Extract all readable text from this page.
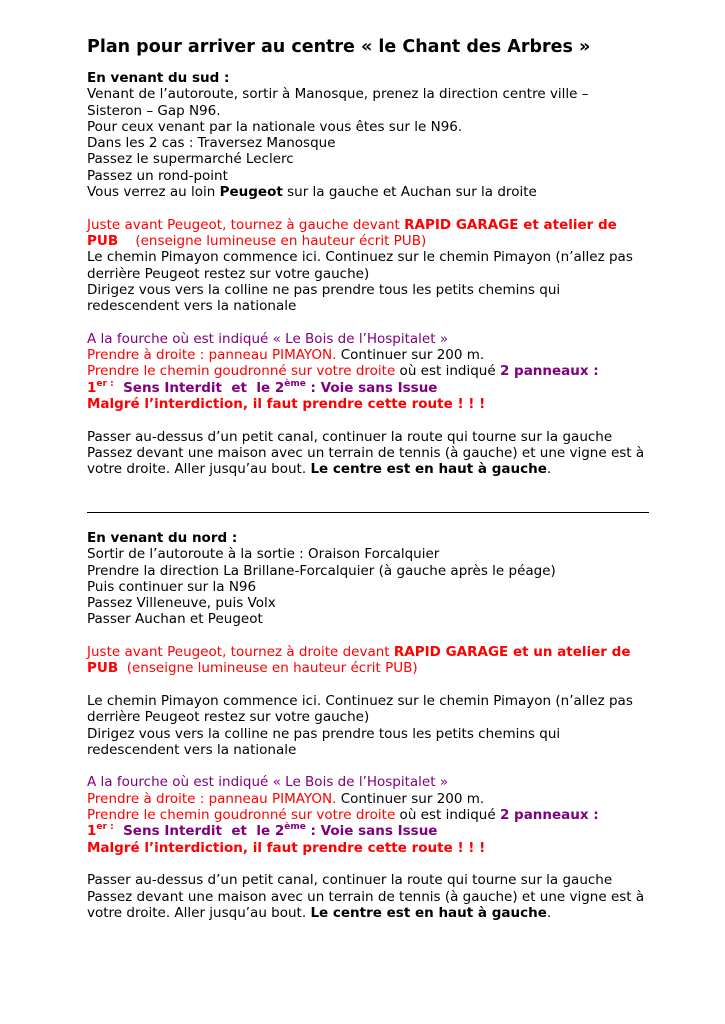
Plan pour arriver au centre « le Chant des Arbres »
En venant du sud :
Venant de l’autoroute, sortir à Manosque, prenez la direction centre ville –
Sisteron – Gap N96.
Pour ceux venant par la nationale vous êtes sur le N96.
Dans les 2 cas : Traversez Manosque
Passez le supermarché Leclerc
Passez un rond-point
Vous verrez au loin Peugeot sur la gauche et Auchan sur la droite
Juste avant Peugeot, tournez à gauche devant RAPID GARAGE et atelier de
PUB    (enseigne lumineuse en hauteur écrit PUB)
Le chemin Pimayon commence ici. Continuez sur le chemin Pimayon (n’allez pas
derrière Peugeot restez sur votre gauche)
Dirigez vous vers la colline ne pas prendre tous les petits chemins qui
redescendent vers la nationale
A la fourche où est indiqué « Le Bois de l’Hospitalet »
Prendre à droite : panneau PIMAYON. Continuer sur 200 m.
Prendre le chemin goudronné sur votre droite où est indiqué 2 panneaux :
$1^{er :}$  Sens Interdit  et  le 2ème : Voie sans Issue
Malgré l’interdiction, il faut prendre cette route ! ! !
Passer au-dessus d’un petit canal, continuer la route qui tourne sur la gauche
Passez devant une maison avec un terrain de tennis (à gauche) et une vigne est à
votre droite. Aller jusqu’au bout. Le centre est en haut à gauche.
En venant du nord :
Sortir de l’autoroute à la sortie : Oraison Forcalquier
Prendre la direction La Brillane-Forcalquier (à gauche après le péage)
Puis continuer sur la N96
Passez Villeneuve, puis Volx
Passer Auchan et Peugeot
Juste avant Peugeot, tournez à droite devant RAPID GARAGE et un atelier de
PUB  (enseigne lumineuse en hauteur écrit PUB)
Le chemin Pimayon commence ici. Continuez sur le chemin Pimayon (n’allez pas
derrière Peugeot restez sur votre gauche)
Dirigez vous vers la colline ne pas prendre tous les petits chemins qui
redescendent vers la nationale
A la fourche où est indiqué « Le Bois de l’Hospitalet »
Prendre à droite : panneau PIMAYON. Continuer sur 200 m.
Prendre le chemin goudronné sur votre droite où est indiqué 2 panneaux :
$1^{er :}$  Sens Interdit  et  le 2ème : Voie sans Issue
Malgré l’interdiction, il faut prendre cette route ! ! !
Passer au-dessus d’un petit canal, continuer la route qui tourne sur la gauche
Passez devant une maison avec un terrain de tennis (à gauche) et une vigne est à
votre droite. Aller jusqu’au bout. Le centre est en haut à gauche.
